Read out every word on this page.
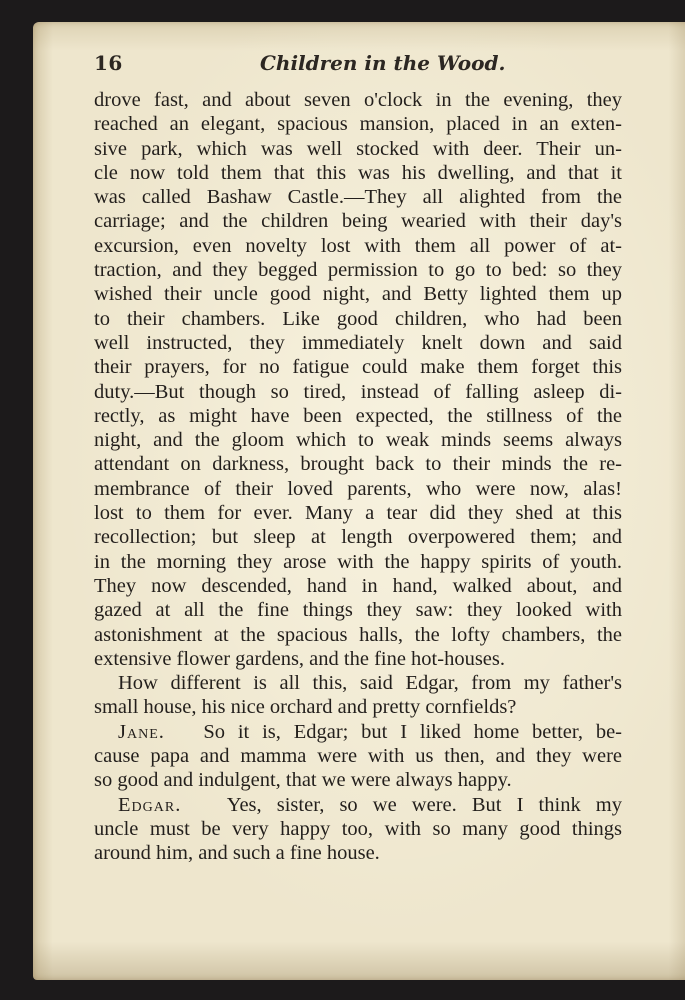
16	Children in the Wood.
drove fast, and about seven o'clock in the evening, they
reached an elegant, spacious mansion, placed in an exten-
sive park, which was well stocked with deer. Their un-
cle now told them that this was his dwelling, and that it
was called Bashaw Castle.—They all alighted from the
carriage; and the children being wearied with their day's
excursion, even novelty lost with them all power of at-
traction, and they begged permission to go to bed: so they
wished their uncle good night, and Betty lighted them up
to their chambers. Like good children, who had been
well instructed, they immediately knelt down and said
their prayers, for no fatigue could make them forget this
duty.—But though so tired, instead of falling asleep di-
rectly, as might have been expected, the stillness of the
night, and the gloom which to weak minds seems always
attendant on darkness, brought back to their minds the re-
membrance of their loved parents, who were now, alas!
lost to them for ever. Many a tear did they shed at this
recollection; but sleep at length overpowered them; and
in the morning they arose with the happy spirits of youth.
They now descended, hand in hand, walked about, and
gazed at all the fine things they saw: they looked with
astonishment at the spacious halls, the lofty chambers, the
extensive flower gardens, and the fine hot-houses.
How different is all this, said Edgar, from my father's
small house, his nice orchard and pretty cornfields?
Jane. So it is, Edgar; but I liked home better, be-
cause papa and mamma were with us then, and they were
so good and indulgent, that we were always happy.
Edgar. Yes, sister, so we were. But I think my
uncle must be very happy too, with so many good things
around him, and such a fine house.
